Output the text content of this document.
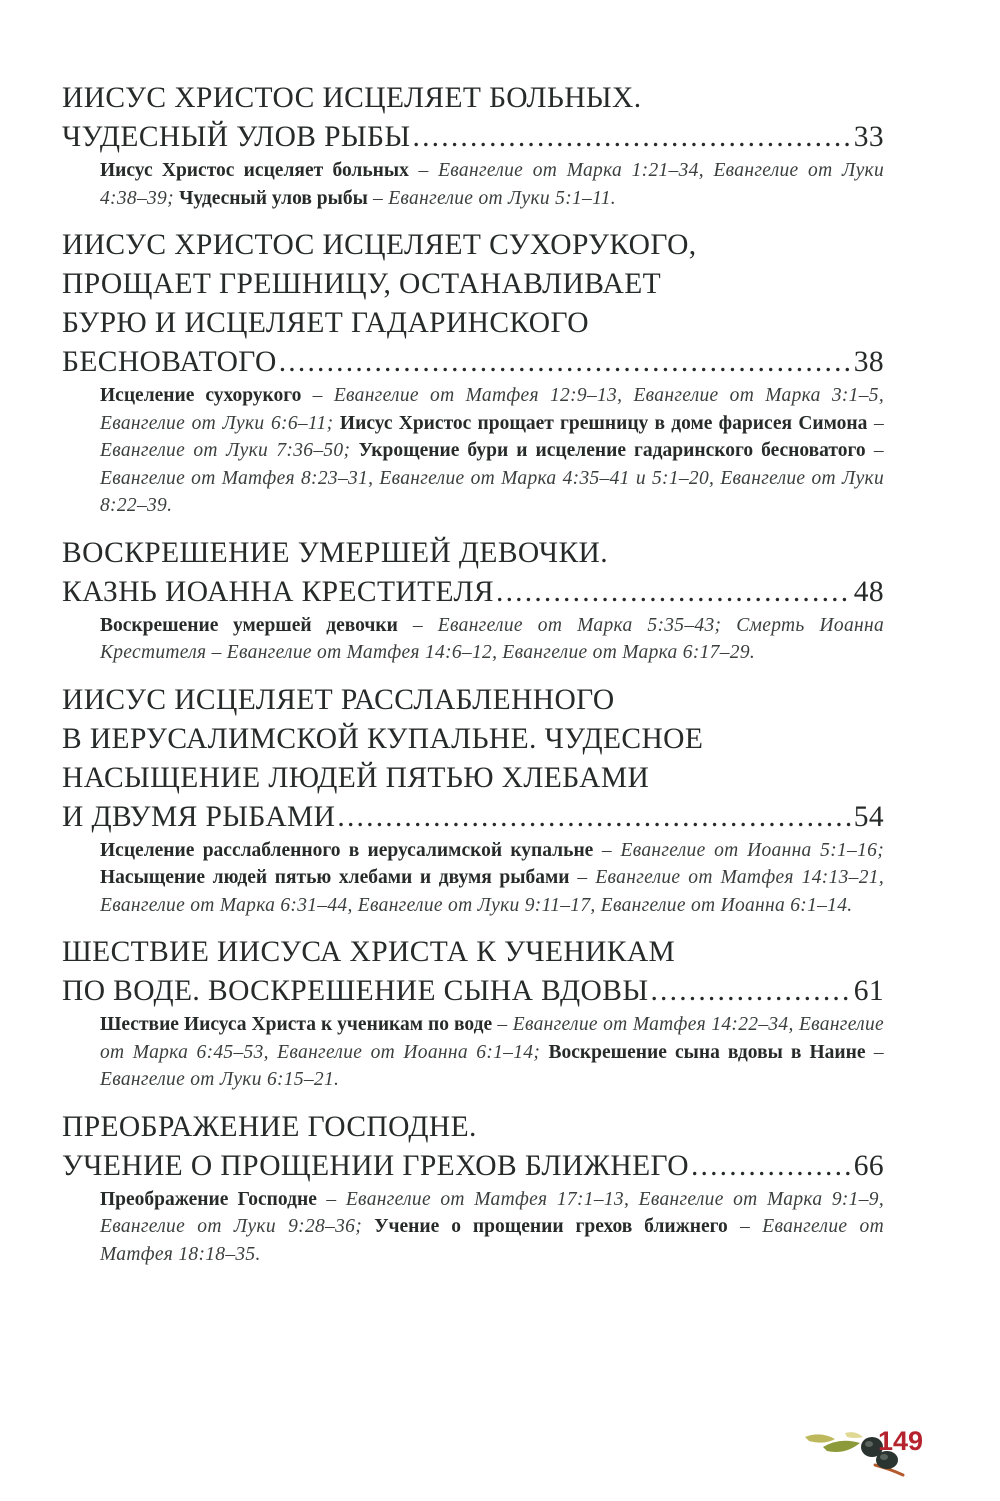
ИИСУС ХРИСТОС ИСЦЕЛЯЕТ БОЛЬНЫХ.
ЧУДЕСНЫЙ УЛОВ РЫБЫ .....	33
Иисус Христос исцеляет больных – Евангелие от Марка 1:21–34, Евангелие от Луки 4:38–39; Чудесный улов рыбы – Евангелие от Луки 5:1–11.
ИИСУС ХРИСТОС ИСЦЕЛЯЕТ СУХОРУКОГО,
ПРОЩАЕТ ГРЕШНИЦУ, ОСТАНАВЛИВАЕТ
БУРЮ И ИСЦЕЛЯЕТ ГАДАРИНСКОГО
БЕСНОВАТОГО .....	38
Исцеление сухорукого – Евангелие от Матфея 12:9–13, Евангелие от Марка 3:1–5, Евангелие от Луки 6:6–11; Иисус Христос прощает грешницу в доме фарисея Симона – Евангелие от Луки 7:36–50; Укрощение бури и исцеление гадаринского бесноватого – Евангелие от Матфея 8:23–31, Евангелие от Марка 4:35–41 и 5:1–20, Евангелие от Луки 8:22–39.
ВОСКРЕШЕНИЕ УМЕРШЕЙ ДЕВОЧКИ.
КАЗНЬ ИОАННА КРЕСТИТЕЛЯ .....	48
Воскрешение умершей девочки – Евангелие от Марка 5:35–43; Смерть Иоанна Крестителя – Евангелие от Матфея 14:6–12, Евангелие от Марка 6:17–29.
ИИСУС ИСЦЕЛЯЕТ РАССЛАБЛЕННОГО
В ИЕРУСАЛИМСКОЙ КУПАЛЬНЕ. ЧУДЕСНОЕ
НАСЫЩЕНИЕ ЛЮДЕЙ ПЯТЬЮ ХЛЕБАМИ
И ДВУМЯ РЫБАМИ .....	54
Исцеление расслабленного в иерусалимской купальне – Евангелие от Иоанна 5:1–16; Насыщение людей пятью хлебами и двумя рыбами – Евангелие от Матфея 14:13–21, Евангелие от Марка 6:31–44, Евангелие от Луки 9:11–17, Евангелие от Иоанна 6:1–14.
ШЕСТВИЕ ИИСУСА ХРИСТА К УЧЕНИКАМ
ПО ВОДЕ. ВОСКРЕШЕНИЕ СЫНА ВДОВЫ .....	61
Шествие Иисуса Христа к ученикам по воде – Евангелие от Матфея 14:22–34, Евангелие от Марка 6:45–53, Евангелие от Иоанна 6:1–14; Воскрешение сына вдовы в Наине – Евангелие от Луки 6:15–21.
ПРЕОБРАЖЕНИЕ ГОСПОДНЕ.
УЧЕНИЕ О ПРОЩЕНИИ ГРЕХОВ БЛИЖНЕГО .....	66
Преображение Господне – Евангелие от Матфея 17:1–13, Евангелие от Марка 9:1–9, Евангелие от Луки 9:28–36; Учение о прощении грехов ближнего – Евангелие от Матфея 18:18–35.
149
